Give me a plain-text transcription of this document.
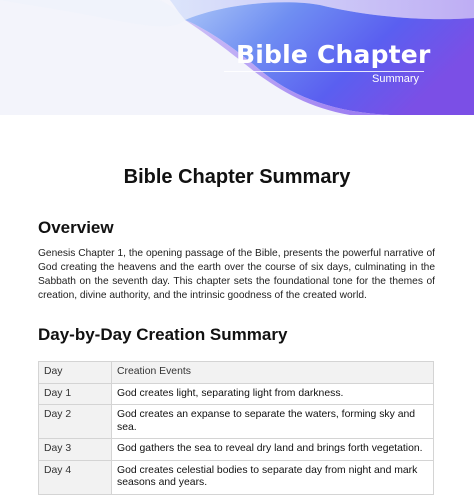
Bible Chapter
Summary
Bible Chapter Summary
Overview

Genesis Chapter 1, the opening passage of the Bible, presents the powerful narrative of God creating the heavens and the earth over the course of six days, culminating in the Sabbath on the seventh day. This chapter sets the foundational tone for the themes of creation, divine authority, and the intrinsic goodness of the created world.

Day-by-Day Creation Summary
Day	Creation Events
Day 1	God creates light, separating light from darkness.
Day 2	God creates an expanse to separate the waters, forming sky and sea.
Day 3	God gathers the sea to reveal dry land and brings forth vegetation.
Day 4	God creates celestial bodies to separate day from night and mark seasons and years.
